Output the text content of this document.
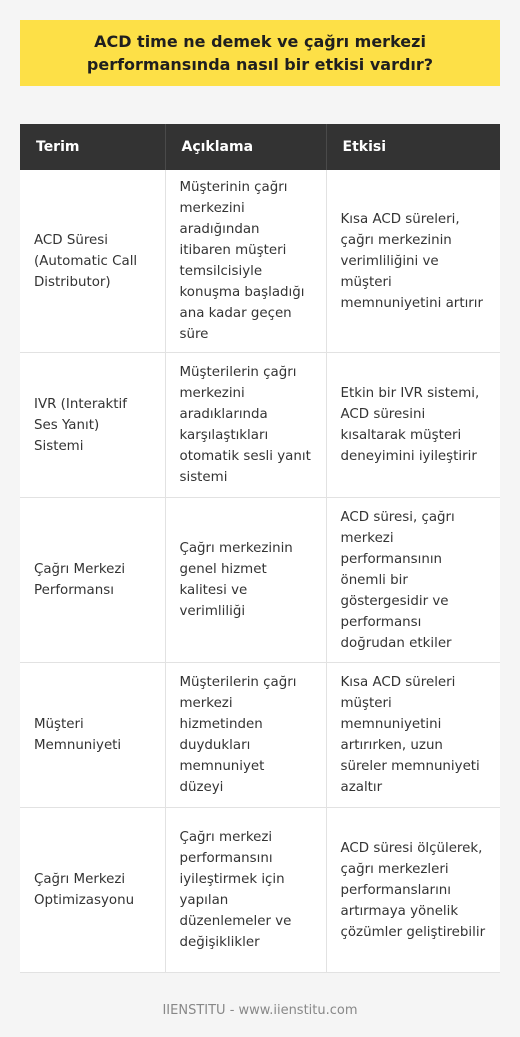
ACD time ne demek ve çağrı merkezi performansında nasıl bir etkisi vardır?
Terim	Açıklama	Etkisi
ACD Süresi (Automatic Call Distributor)	Müşterinin çağrı merkezini aradığından itibaren müşteri temsilcisiyle konuşma başladığı ana kadar geçen süre	Kısa ACD süreleri, çağrı merkezinin verimliliğini ve müşteri memnuniyetini artırır
IVR (Interaktif Ses Yanıt) Sistemi	Müşterilerin çağrı merkezini aradıklarında karşılaştıkları otomatik sesli yanıt sistemi	Etkin bir IVR sistemi, ACD süresini kısaltarak müşteri deneyimini iyileştirir
Çağrı Merkezi Performansı	Çağrı merkezinin genel hizmet kalitesi ve verimliliği	ACD süresi, çağrı merkezi performansının önemli bir göstergesidir ve performansı doğrudan etkiler
Müşteri Memnuniyeti	Müşterilerin çağrı merkezi hizmetinden duydukları memnuniyet düzeyi	Kısa ACD süreleri müşteri memnuniyetini artırırken, uzun süreler memnuniyeti azaltır
Çağrı Merkezi Optimizasyonu	Çağrı merkezi performansını iyileştirmek için yapılan düzenlemeler ve değişiklikler	ACD süresi ölçülerek, çağrı merkezleri performanslarını artırmaya yönelik çözümler geliştirebilir
IIENSTITU - www.iienstitu.com
